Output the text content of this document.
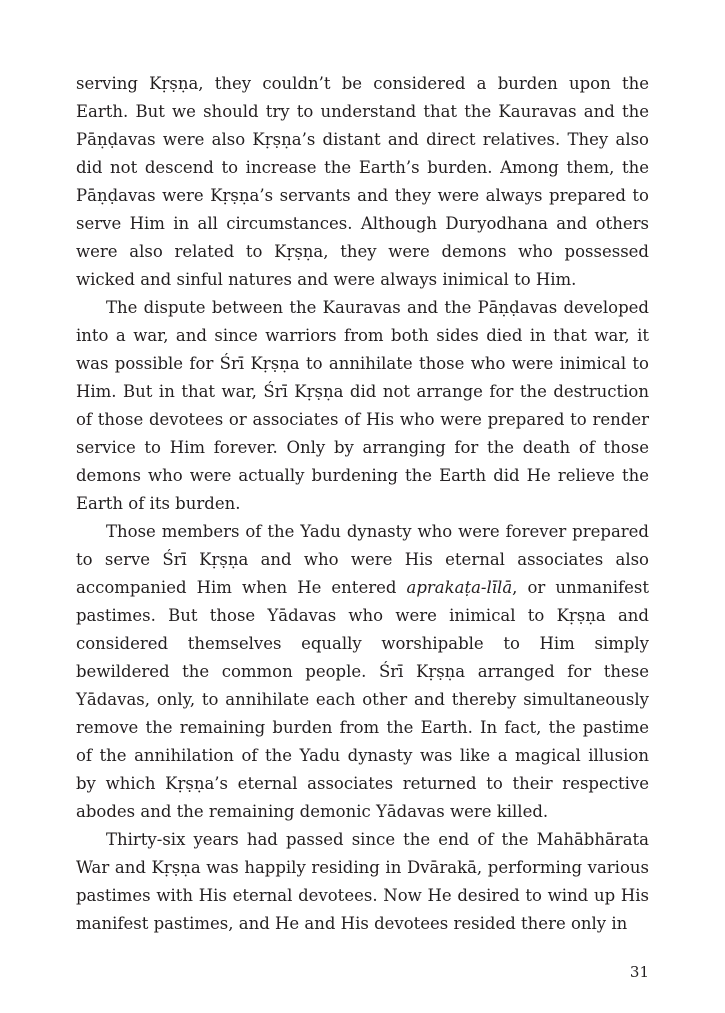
serving Kṛṣṇa, they couldn’t be considered a burden upon the Earth. But we should try to understand that the Kauravas and the Pāṇḍavas were also Kṛṣṇa’s distant and direct relatives. They also did not descend to increase the Earth’s burden. Among them, the Pāṇḍavas were Kṛṣṇa’s servants and they were always prepared to serve Him in all circumstances. Although Duryodhana and others were also related to Kṛṣṇa, they were demons who possessed wicked and sinful natures and were always inimical to Him.

The dispute between the Kauravas and the Pāṇḍavas developed into a war, and since warriors from both sides died in that war, it was possible for Śrī Kṛṣṇa to annihilate those who were inimical to Him. But in that war, Śrī Kṛṣṇa did not arrange for the destruction of those devotees or associates of His who were prepared to render service to Him forever. Only by arranging for the death of those demons who were actually burdening the Earth did He relieve the Earth of its burden.

Those members of the Yadu dynasty who were forever prepared to serve Śrī Kṛṣṇa and who were His eternal associates also accompanied Him when He entered aprakaṭa-līlā, or unmanifest pastimes. But those Yādavas who were inimical to Kṛṣṇa and considered themselves equally worshipable to Him simply bewildered the common people. Śrī Kṛṣṇa arranged for these Yādavas, only, to annihilate each other and thereby simultaneously remove the remaining burden from the Earth. In fact, the pastime of the annihilation of the Yadu dynasty was like a magical illusion by which Kṛṣṇa’s eternal associates returned to their respective abodes and the remaining demonic Yādavas were killed.

Thirty-six years had passed since the end of the Mahābhārata War and Kṛṣṇa was happily residing in Dvārakā, performing various pastimes with His eternal devotees. Now He desired to wind up His manifest pastimes, and He and His devotees resided there only in

31
